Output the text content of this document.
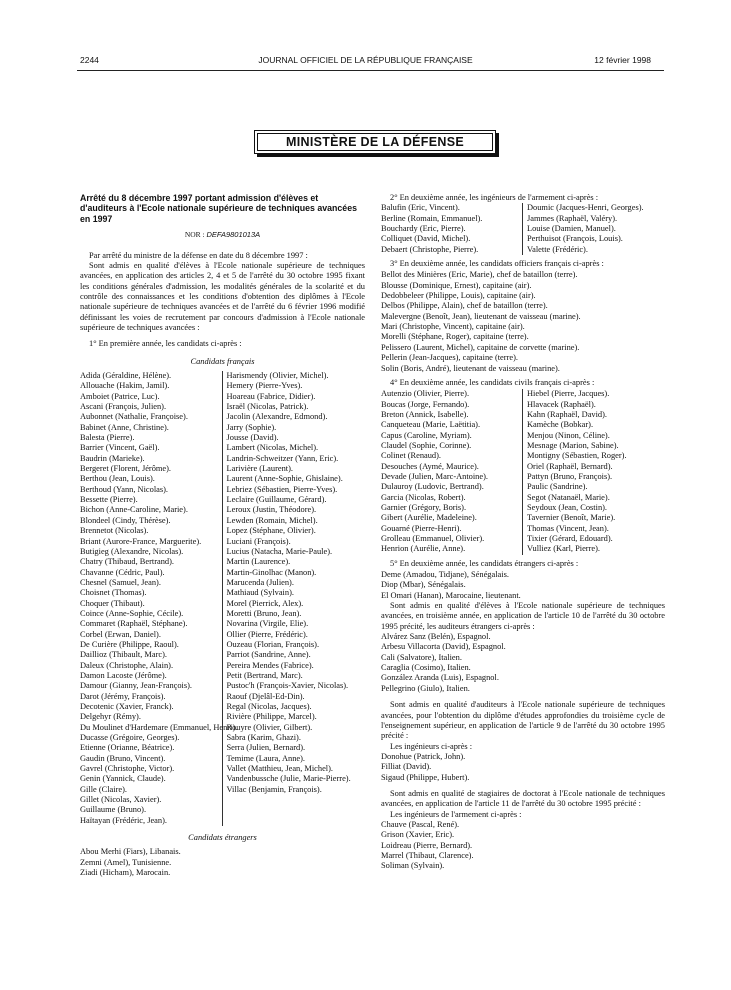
2244	JOURNAL OFFICIEL DE LA RÉPUBLIQUE FRANÇAISE	12 février 1998
MINISTÈRE DE LA DÉFENSE
Arrêté du 8 décembre 1997 portant admission d'élèves et d'auditeurs à l'Ecole nationale supérieure de techniques avancées en 1997
NOR : DEFA9801013A

Par arrêté du ministre de la défense en date du 8 décembre 1997 :

Sont admis en qualité d'élèves à l'Ecole nationale supérieure de techniques avancées, en application des articles 2, 4 et 5 de l'arrêté du 30 octobre 1995 fixant les conditions générales d'admission, les modalités générales de la scolarité et du contrôle des connaissances et les conditions d'obtention des diplômes à l'Ecole nationale supérieure de techniques avancées et de l'arrêté du 6 février 1996 modifié définissant les voies de recrutement par concours d'admission à l'Ecole nationale supérieure de techniques avancées :

1° En première année, les candidats ci-après :

Candidats français
Adida (Géraldine, Hélène).
Allouache (Hakim, Jamil).
Amboiet (Patrice, Luc).
Ascani (François, Julien).
Aubonnet (Nathalie, Françoise).
Babinet (Anne, Christine).
Balesta (Pierre).
Barrier (Vincent, Gaël).
Baudrin (Marieke).
Bergeret (Florent, Jérôme).
Berthou (Jean, Louis).
Berthoud (Yann, Nicolas).
Bessette (Pierre).
Bichon (Anne-Caroline, Marie).
Blondeel (Cindy, Thérèse).
Brennetot (Nicolas).
Briant (Aurore-France, Marguerite).
Butigieg (Alexandre, Nicolas).
Chatry (Thibaud, Bertrand).
Chavanne (Cédric, Paul).
Chesnel (Samuel, Jean).
Choisnet (Thomas).
Choquer (Thibaut).
Coince (Anne-Sophie, Cécile).
Commaret (Raphaël, Stéphane).
Corbel (Erwan, Daniel).
De Curière (Philippe, Raoul).
Daillioz (Thibault, Marc).
Daleux (Christophe, Alain).
Damon Lacoste (Jérôme).
Damour (Gianny, Jean-François).
Darot (Jérémy, François).
Decotenic (Xavier, Franck).
Delgehyr (Rémy).
Du Moulinet d'Hardemare (Emmanuel, Henri).
Ducasse (Grégoire, Georges).
Etienne (Orianne, Béatrice).
Gaudin (Bruno, Vincent).
Gavrel (Christophe, Victor).
Genin (Yannick, Claude).
Gille (Claire).
Gillet (Nicolas, Xavier).
Guillaume (Bruno).
Haïtayan (Frédéric, Jean).
Harismendy (Olivier, Michel).
Hemery (Pierre-Yves).
Hoareau (Fabrice, Didier).
Israël (Nicolas, Patrick).
Jacolin (Alexandre, Edmond).
Jarry (Sophie).
Jousse (David).
Lambert (Nicolas, Michel).
Landrin-Schweitzer (Yann, Eric).
Larivière (Laurent).
Laurent (Anne-Sophie, Ghislaine).
Lebriez (Sébastien, Pierre-Yves).
Leclaire (Guillaume, Gérard).
Leroux (Justin, Théodore).
Lewden (Romain, Michel).
Lopez (Stéphane, Olivier).
Luciani (François).
Lucius (Natacha, Marie-Paule).
Martin (Laurence).
Martin-Ginolhac (Manon).
Marucenda (Julien).
Mathiaud (Sylvain).
Morel (Pierrick, Alex).
Moretti (Bruno, Jean).
Novarina (Virgile, Elie).
Ollier (Pierre, Frédéric).
Ouzeau (Florian, François).
Parriot (Sandrine, Anne).
Pereira Mendes (Fabrice).
Petit (Bertrand, Marc).
Pustoc'h (François-Xavier, Nicolas).
Raouf (Djelâl-Ed-Din).
Regal (Nicolas, Jacques).
Rivière (Philippe, Marcel).
Rouyre (Olivier, Gilbert).
Sabra (Karim, Ghazi).
Serra (Julien, Bernard).
Temime (Laura, Anne).
Vallet (Matthieu, Jean, Michel).
Vandenbussche (Julie, Marie-Pierre).
Villac (Benjamin, François).
Candidats étrangers
Abou Merhi (Fiars), Libanais.
Zemni (Amel), Tunisienne.
Ziadi (Hicham), Marocain.

2° En deuxième année, les ingénieurs de l'armement ci-après :

Balufin (Eric, Vincent).
Berline (Romain, Emmanuel).
Bouchardy (Eric, Pierre).
Colliquet (David, Michel).
Debaert (Christophe, Pierre).
Doumic (Jacques-Henri, Georges).
Jammes (Raphaël, Valéry).
Louise (Damien, Manuel).
Perthuisot (François, Louis).
Valette (Frédéric).

3° En deuxième année, les candidats officiers français ci-après :

Bellot des Minières (Eric, Marie), chef de bataillon (terre).
Blousse (Dominique, Ernest), capitaine (air).
Dedobbeleer (Philippe, Louis), capitaine (air).
Delbos (Philippe, Alain), chef de bataillon (terre).
Malevergne (Benoît, Jean), lieutenant de vaisseau (marine).
Mari (Christophe, Vincent), capitaine (air).
Morelli (Stéphane, Roger), capitaine (terre).
Pelissero (Laurent, Michel), capitaine de corvette (marine).
Pellerin (Jean-Jacques), capitaine (terre).
Solin (Boris, André), lieutenant de vaisseau (marine).

4° En deuxième année, les candidats civils français ci-après :

Autenzio (Olivier, Pierre).
Boucas (Jorge, Fernando).
Breton (Annick, Isabelle).
Canqueteau (Marie, Laëtitia).
Capus (Caroline, Myriam).
Claudel (Sophie, Corinne).
Colinet (Renaud).
Desouches (Aymé, Maurice).
Devade (Julien, Marc-Antoine).
Dulauroy (Ludovic, Bertrand).
Garcia (Nicolas, Robert).
Garnier (Grégory, Boris).
Gibert (Aurélie, Madeleine).
Gouarné (Pierre-Henri).
Grolleau (Emmanuel, Olivier).
Henrion (Aurélie, Anne).
Hiebel (Pierre, Jacques).
Hlavacek (Raphaël).
Kahn (Raphaël, David).
Kamèche (Bobkar).
Menjou (Ninon, Céline).
Mesnage (Marion, Sabine).
Montigny (Sébastien, Roger).
Oriel (Raphaël, Bernard).
Pattyn (Bruno, François).
Paulic (Sandrine).
Segot (Natanaël, Marie).
Seydoux (Jean, Costin).
Tavernier (Benoît, Marie).
Thomas (Vincent, Jean).
Tixier (Gérard, Edouard).
Vulliez (Karl, Pierre).

5° En deuxième année, les candidats étrangers ci-après :

Deme (Amadou, Tidjane), Sénégalais.
Diop (Mbar), Sénégalais.
El Omari (Hanan), Marocaine, lieutenant.

Sont admis en qualité d'élèves à l'Ecole nationale supérieure de techniques avancées, en troisième année, en application de l'article 10 de l'arrêté du 30 octobre 1995 précité, les auditeurs étrangers ci-après :

Alvárez Sanz (Belén), Espagnol.
Arbesu Villacorta (David), Espagnol.
Cali (Salvatore), Italien.
Caraglia (Cosimo), Italien.
González Aranda (Luis), Espagnol.
Pellegrino (Giulo), Italien.

Sont admis en qualité d'auditeurs à l'Ecole nationale supérieure de techniques avancées, pour l'obtention du diplôme d'études approfondies du troisième cycle de l'enseignement supérieur, en application de l'article 9 de l'arrêté du 30 octobre 1995 précité :

Les ingénieurs ci-après :

Donohue (Patrick, John).
Filliat (David).
Sigaud (Philippe, Hubert).

Sont admis en qualité de stagiaires de doctorat à l'Ecole nationale de techniques avancées, en application de l'article 11 de l'arrêté du 30 octobre 1995 précité :

Les ingénieurs de l'armement ci-après :

Chauve (Pascal, René).
Grison (Xavier, Eric).
Loidreau (Pierre, Bernard).
Marrel (Thibaut, Clarence).
Soliman (Sylvain).
